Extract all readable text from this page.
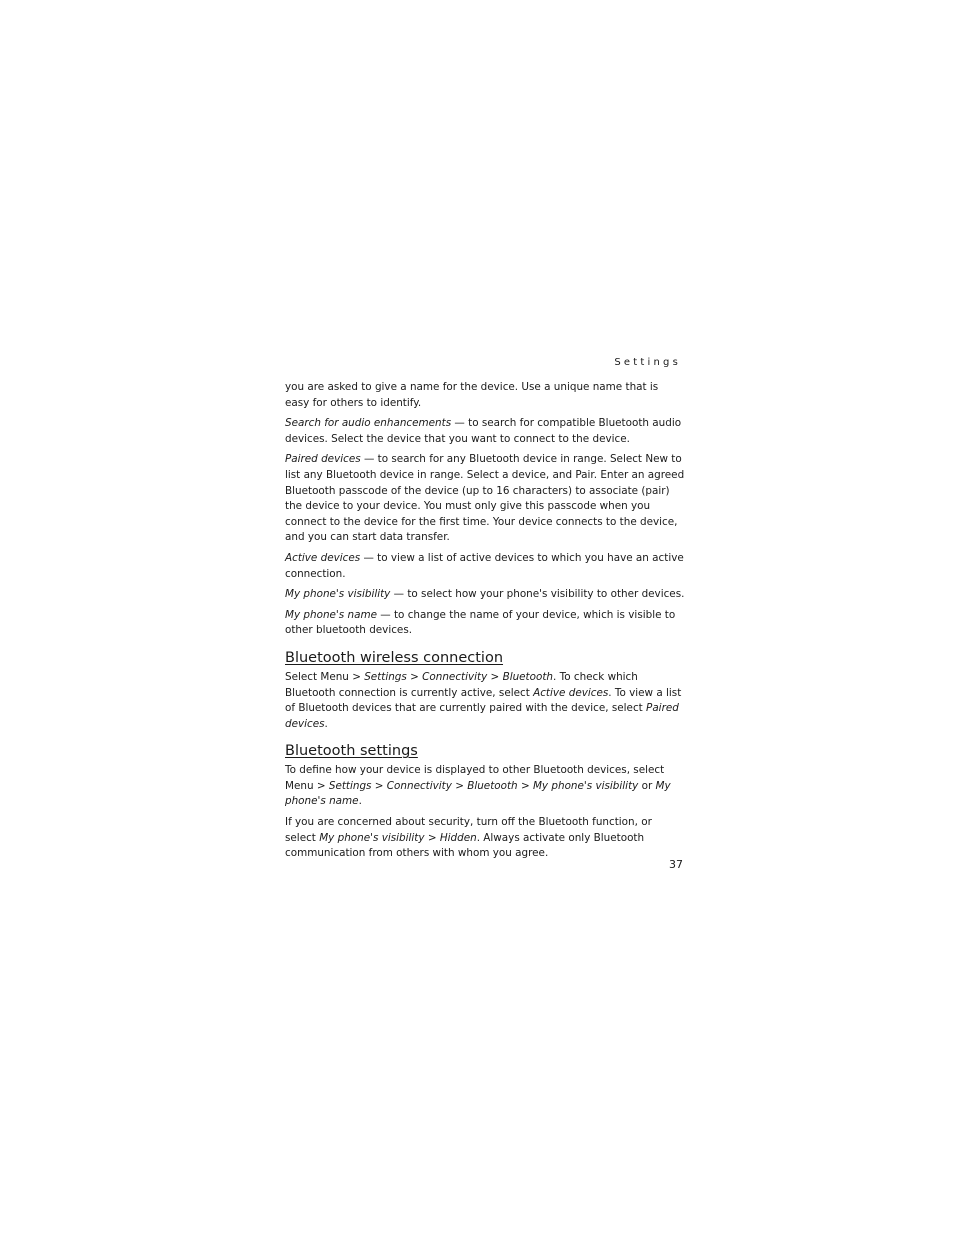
Settings

you are asked to give a name for the device. Use a unique name that is easy for others to identify.

Search for audio enhancements — to search for compatible Bluetooth audio devices. Select the device that you want to connect to the device.

Paired devices — to search for any Bluetooth device in range. Select New to list any Bluetooth device in range. Select a device, and Pair. Enter an agreed Bluetooth passcode of the device (up to 16 characters) to associate (pair) the device to your device. You must only give this passcode when you connect to the device for the first time. Your device connects to the device, and you can start data transfer.

Active devices — to view a list of active devices to which you have an active connection.

My phone's visibility — to select how your phone's visibility to other devices.

My phone's name — to change the name of your device, which is visible to other bluetooth devices.

Bluetooth wireless connection

Select Menu > Settings > Connectivity > Bluetooth. To check which Bluetooth connection is currently active, select Active devices. To view a list of Bluetooth devices that are currently paired with the device, select Paired devices.

Bluetooth settings

To define how your device is displayed to other Bluetooth devices, select Menu > Settings > Connectivity > Bluetooth > My phone's visibility or My phone's name.

If you are concerned about security, turn off the Bluetooth function, or select My phone's visibility > Hidden. Always activate only Bluetooth communication from others with whom you agree.

37
